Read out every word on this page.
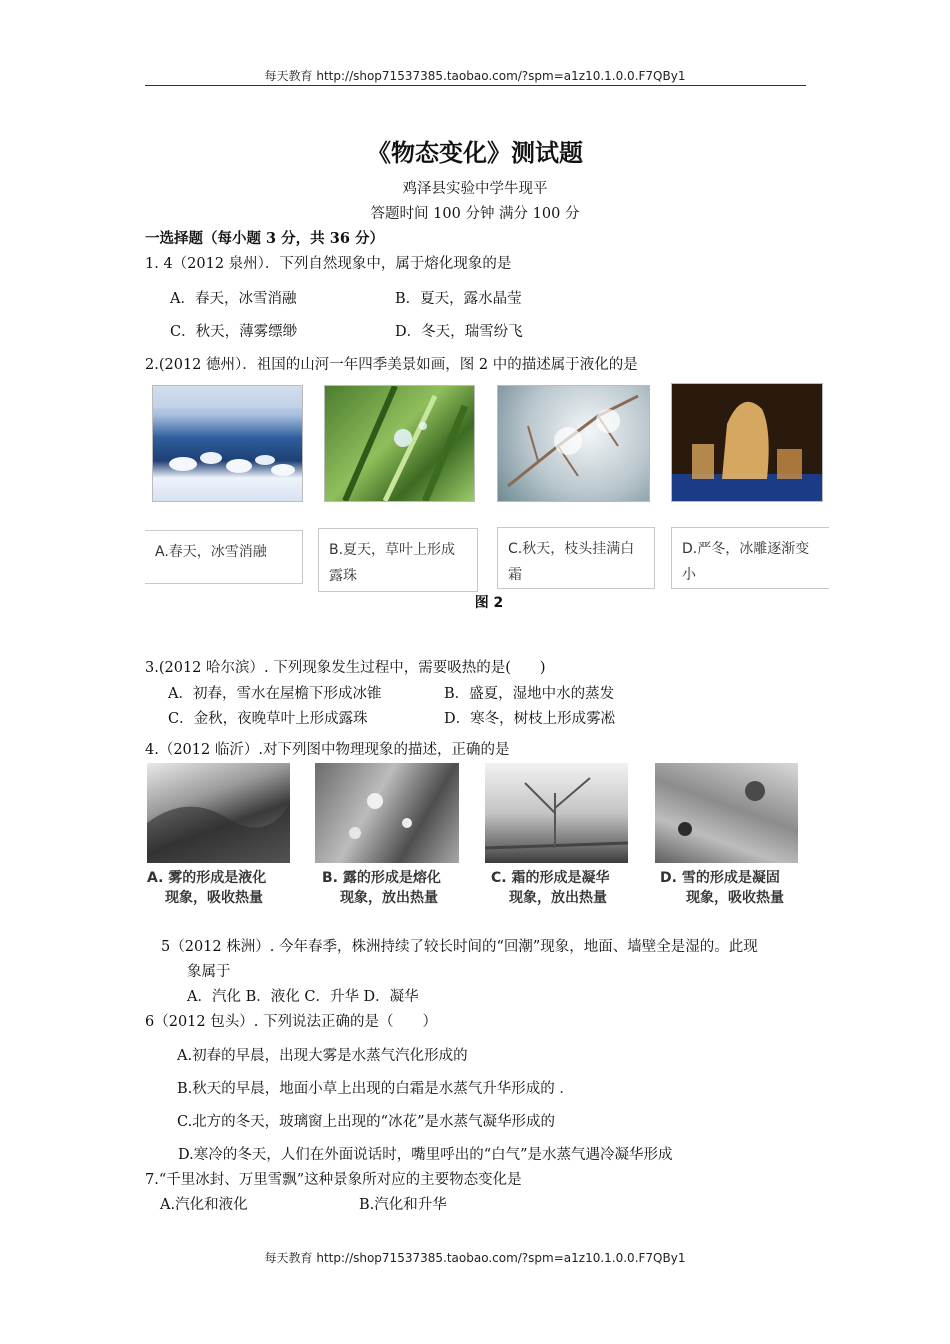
每天教育 http://shop71537385.taobao.com/?spm=a1z10.1.0.0.F7QBy1
《物态变化》测试题
鸡泽县实验中学牛现平
答题时间 100 分钟 满分 100 分
一选择题（每小题 3 分，共 36 分）
1. 4（2012 泉州）．下列自然现象中，属于熔化现象的是
A．春天，冰雪消融	B．夏天，露水晶莹
C．秋天，薄雾缥缈	D．冬天，瑞雪纷飞
2.(2012 德州）．祖国的山河一年四季美景如画，图 2 中的描述属于液化的是
A.春天，冰雪消融	B.夏天，草叶上形成露珠
C.秋天，枝头挂满白霜
D.严冬，冰雕逐渐变小
图 2
3.(2012 哈尔滨）. 下列现象发生过程中，需要吸热的是(　　)
A．初春，雪水在屋檐下形成冰锥	B．盛夏，湿地中水的蒸发
C．金秋，夜晚草叶上形成露珠	D．寒冬，树枝上形成雾凇
4.（2012 临沂）.对下列图中物理现象的描述，正确的是
A. 雾的形成是液化
现象，吸收热量
B. 露的形成是熔化
现象，放出热量
C. 霜的形成是凝华
现象，放出热量
D. 雪的形成是凝固
现象，吸收热量
5（2012 株洲）. 今年春季，株洲持续了较长时间的“回潮”现象，地面、墙壁全是湿的。此现
象属于
A．汽化 B．液化 C．升华 D．凝华
6（2012 包头）. 下列说法正确的是（　　）
A.初春的早晨，出现大雾是水蒸气汽化形成的
B.秋天的早晨，地面小草上出现的白霜是水蒸气升华形成的 ．
C.北方的冬天，玻璃窗上出现的“冰花”是水蒸气凝华形成的
D.寒冷的冬天，人们在外面说话时，嘴里呼出的“白气”是水蒸气遇冷凝华形成
7.“千里冰封、万里雪飘”这种景象所对应的主要物态变化是
A.汽化和液化	B.汽化和升华
每天教育 http://shop71537385.taobao.com/?spm=a1z10.1.0.0.F7QBy1
